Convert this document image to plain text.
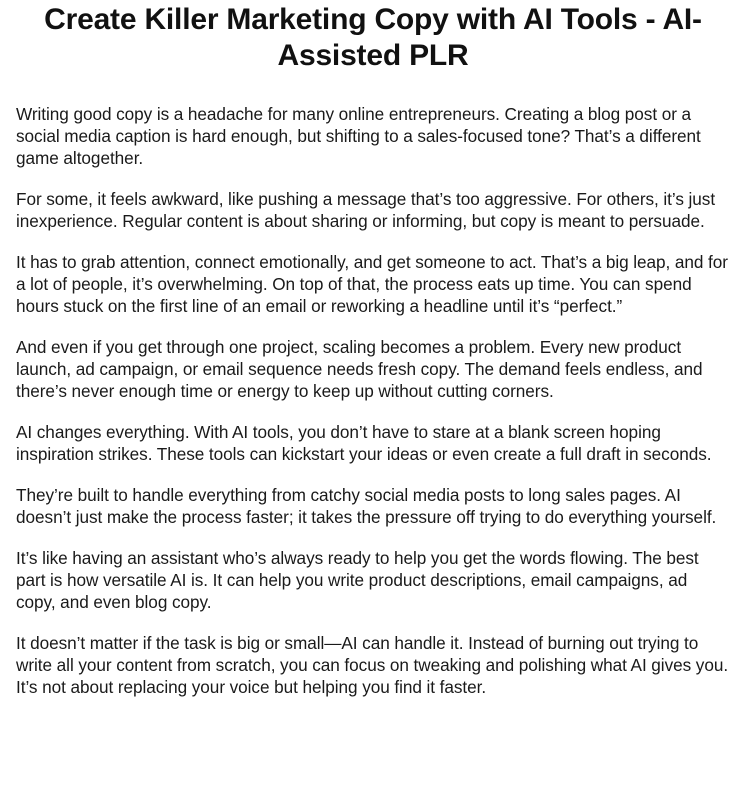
Create Killer Marketing Copy with AI Tools - AI-Assisted PLR

Writing good copy is a headache for many online entrepreneurs. Creating a blog post or a social media caption is hard enough, but shifting to a sales-focused tone? That’s a different game altogether.

For some, it feels awkward, like pushing a message that’s too aggressive. For others, it’s just inexperience. Regular content is about sharing or informing, but copy is meant to persuade.

It has to grab attention, connect emotionally, and get someone to act. That’s a big leap, and for a lot of people, it’s overwhelming. On top of that, the process eats up time. You can spend hours stuck on the first line of an email or reworking a headline until it’s “perfect.”

And even if you get through one project, scaling becomes a problem. Every new product launch, ad campaign, or email sequence needs fresh copy. The demand feels endless, and there’s never enough time or energy to keep up without cutting corners.

AI changes everything. With AI tools, you don’t have to stare at a blank screen hoping inspiration strikes. These tools can kickstart your ideas or even create a full draft in seconds.

They’re built to handle everything from catchy social media posts to long sales pages. AI doesn’t just make the process faster; it takes the pressure off trying to do everything yourself.

It’s like having an assistant who’s always ready to help you get the words flowing. The best part is how versatile AI is. It can help you write product descriptions, email campaigns, ad copy, and even blog copy.

It doesn’t matter if the task is big or small—AI can handle it. Instead of burning out trying to write all your content from scratch, you can focus on tweaking and polishing what AI gives you. It’s not about replacing your voice but helping you find it faster.
